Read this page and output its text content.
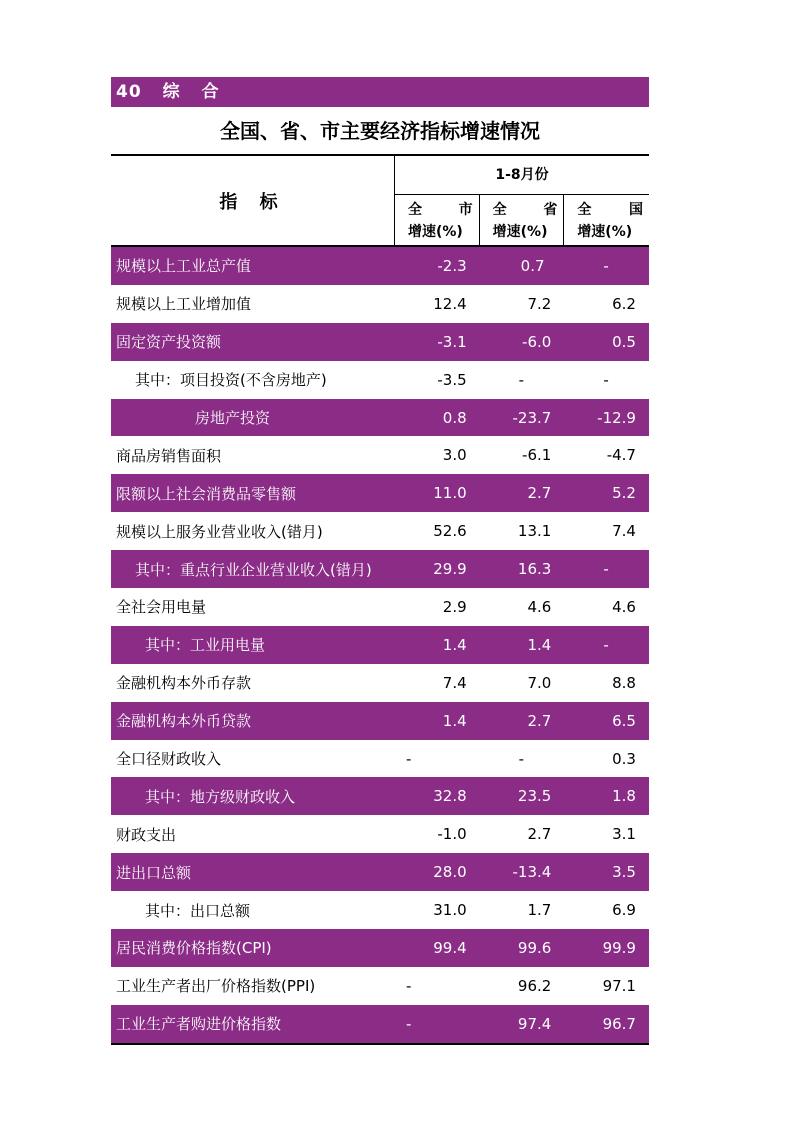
40 综 合
全国、省、市主要经济指标增速情况
指 标
1-8月份
全	市
增速(%)
全	省
增速(%)
全	国
增速(%)
规模以上工业总产值	-2.3	0.7	-
规模以上工业增加值	12.4	7.2	6.2
固定资产投资额	-3.1	-6.0	0.5
其中：项目投资(不含房地产)	-3.5	-	-
房地产投资	0.8	-23.7	-12.9
商品房销售面积	3.0	-6.1	-4.7
限额以上社会消费品零售额	11.0	2.7	5.2
规模以上服务业营业收入(错月)	52.6	13.1	7.4
其中：重点行业企业营业收入(错月)	29.9	16.3	-
全社会用电量	2.9	4.6	4.6
其中：工业用电量	1.4	1.4	-
金融机构本外币存款	7.4	7.0	8.8
金融机构本外币贷款	1.4	2.7	6.5
全口径财政收入	-	-	0.3
其中：地方级财政收入	32.8	23.5	1.8
财政支出	-1.0	2.7	3.1
进出口总额	28.0	-13.4	3.5
其中：出口总额	31.0	1.7	6.9
居民消费价格指数(CPI)	99.4	99.6	99.9
工业生产者出厂价格指数(PPI)	-	96.2	97.1
工业生产者购进价格指数	-	97.4	96.7
